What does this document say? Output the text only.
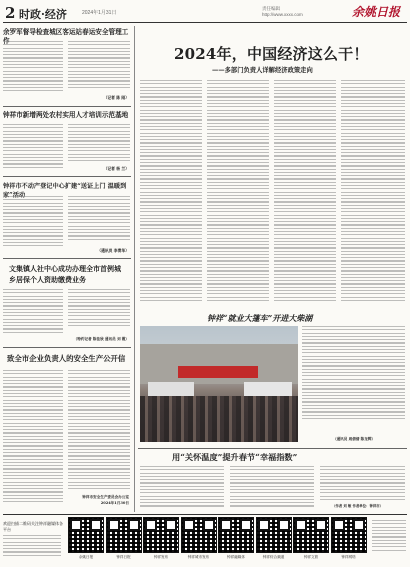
2 时政·经济	2024年1月31日
责任编辑
http://www.xxxx.com	余姚日报
余罗军督导检查城区客运站春运安全管理工
（记者 陈 刚）
钟祥市新增两处农村实用人才培训示范基地
（记者 杨 兰）
钟祥市不动产登记中心扩建“送证上门 温暖到
（通讯员 李青华）
文集镇人社中心成功办理全市首例城乡居保个人资助缴费业务
（特约记者 陈佳欣 通讯员 刘 霞）
致全市企业负责人的安全生产公开信
钟祥市安全生产委员会办公室
2024年1月30日
2024年，中国经济这么干！
——多部门负责人详解经济政策走向
钟祥“就业大篷车”开进大柴湖
（通讯员 周倩倩 陈龙辉）
用“关怀温度”提升春节“幸福指数”
（作者 刘 敏 作者单位：钟祥市）
欢迎扫描二维码关注钟祥融媒体各平台
余姚日报	钟祥日报	钟祥发布	钟祥城市发布	钟祥融媒体	钟祥综合频道	钟祥文旅	钟祥网络
